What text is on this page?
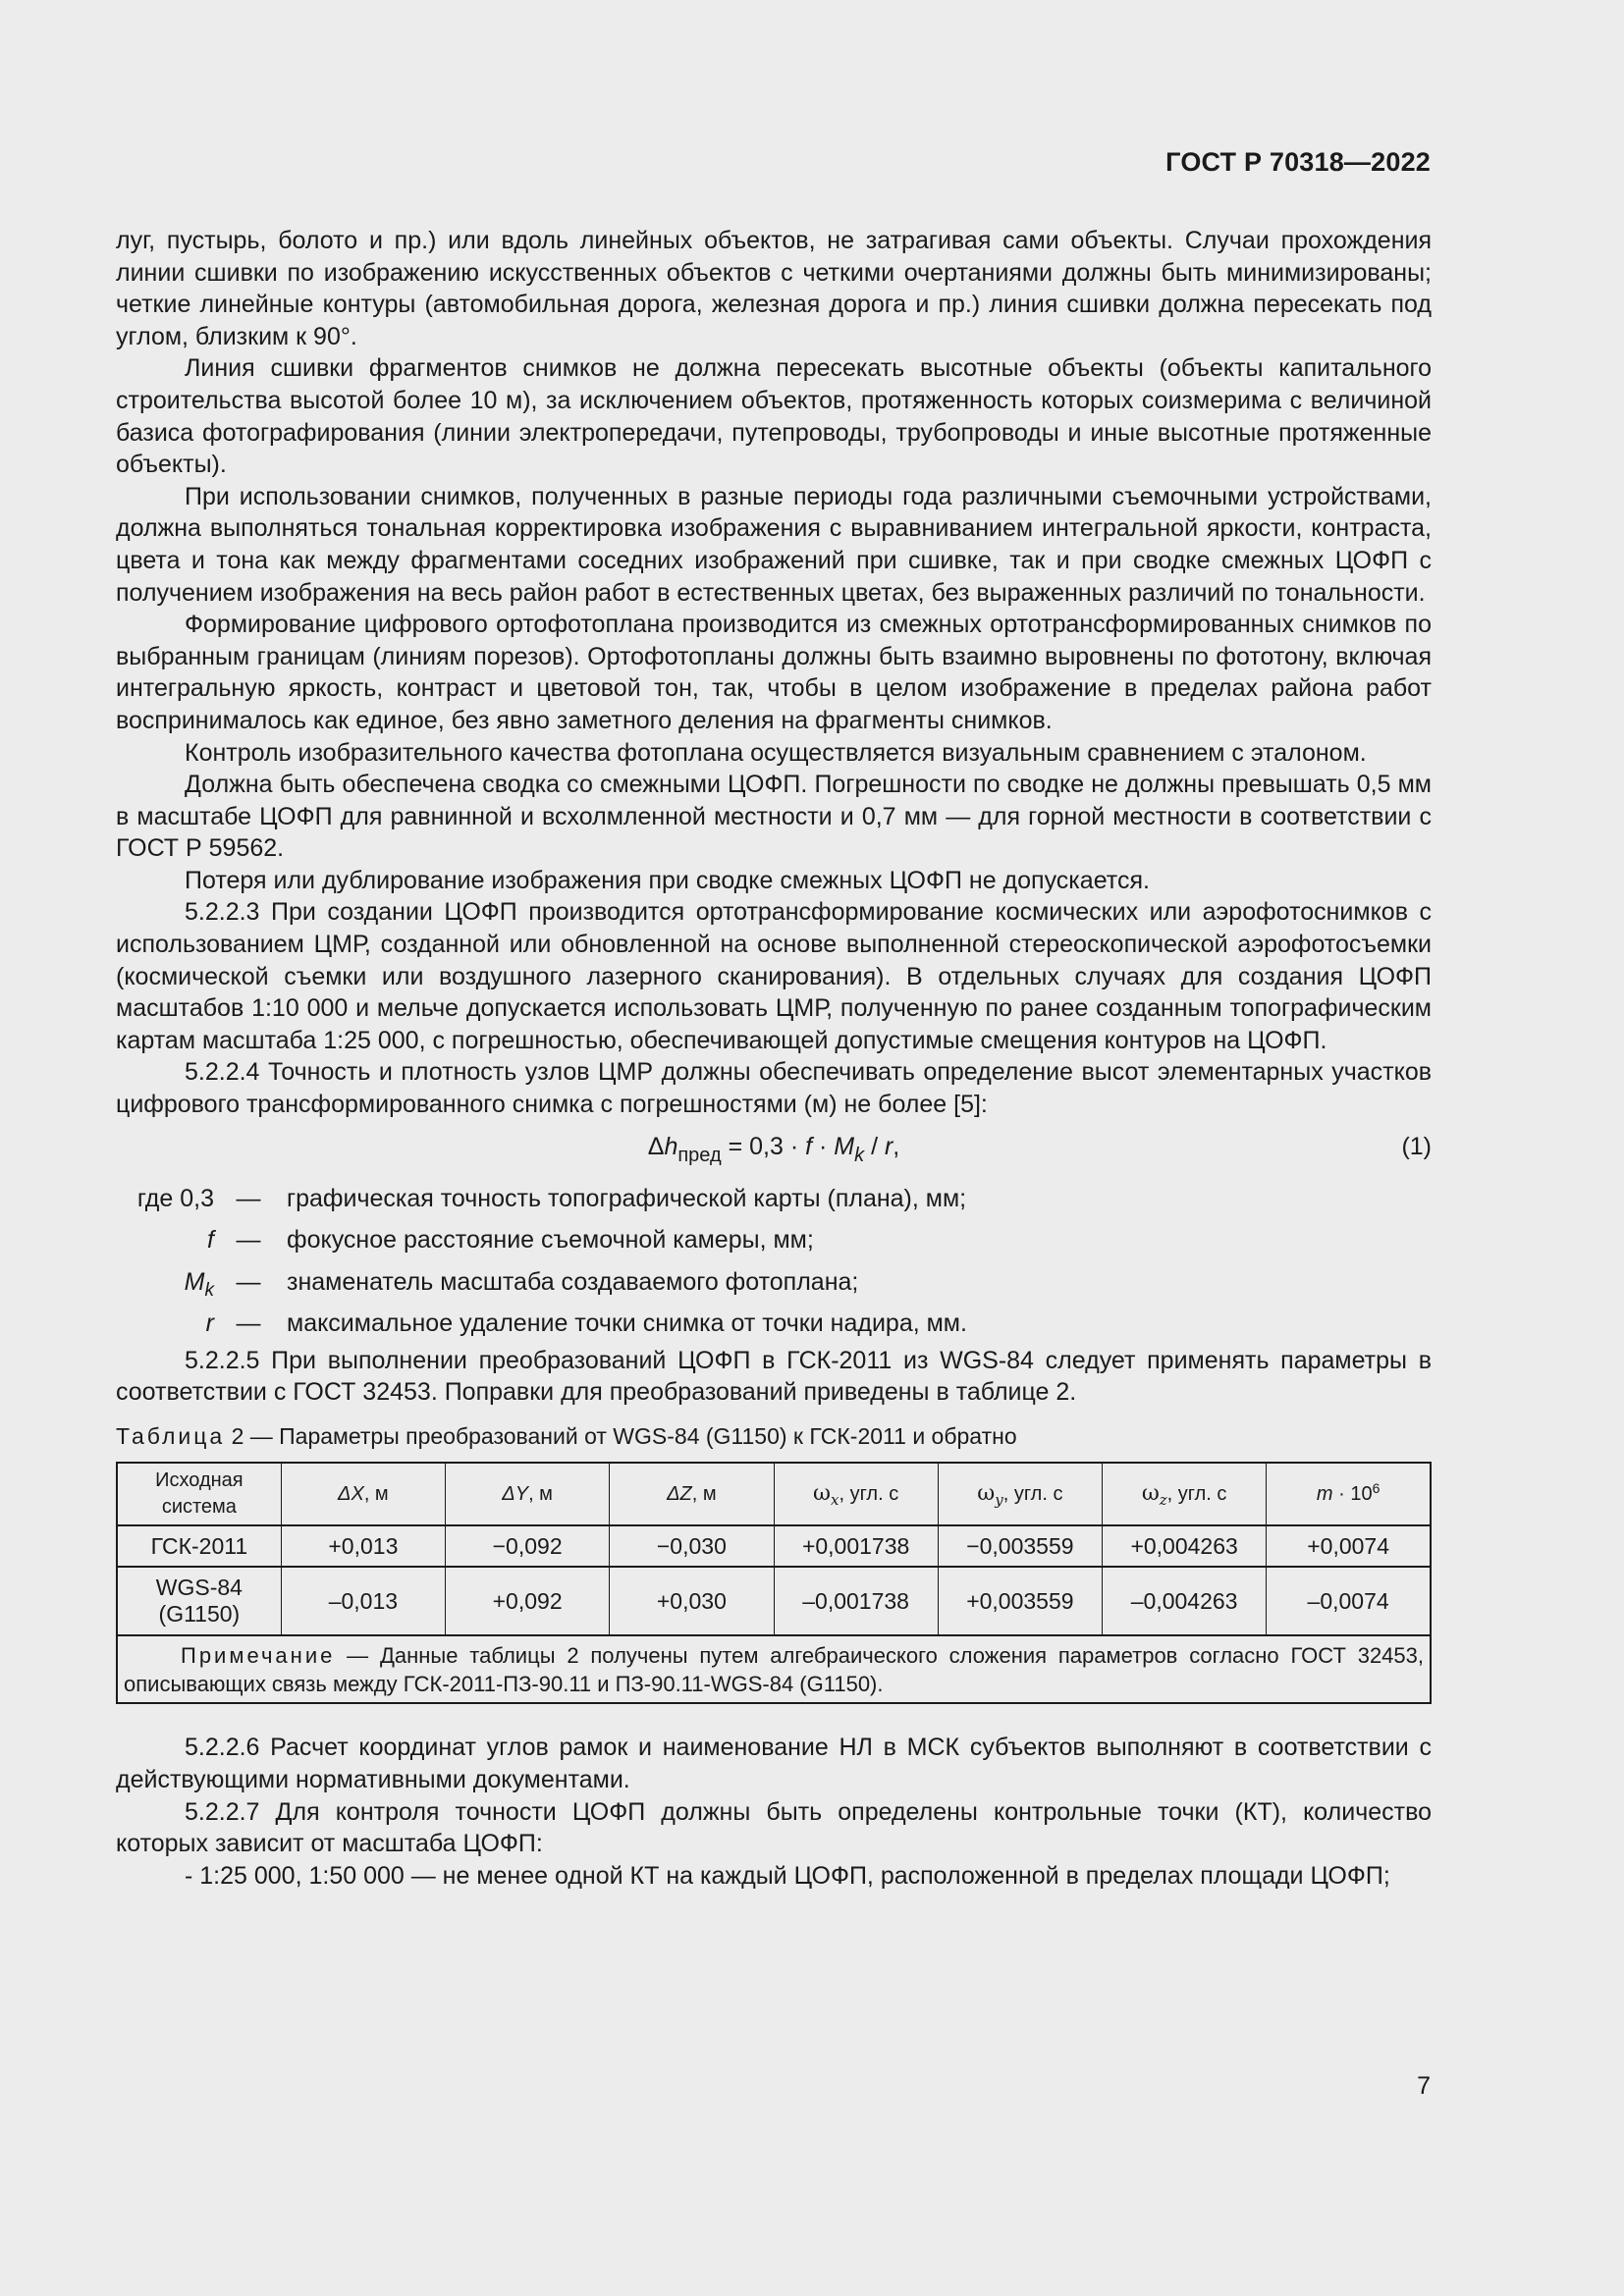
ГОСТ Р 70318—2022

луг, пустырь, болото и пр.) или вдоль линейных объектов, не затрагивая сами объекты. Случаи прохождения линии сшивки по изображению искусственных объектов с четкими очертаниями должны быть минимизированы; четкие линейные контуры (автомобильная дорога, железная дорога и пр.) линия сшивки должна пересекать под углом, близким к 90°.

Линия сшивки фрагментов снимков не должна пересекать высотные объекты (объекты капитального строительства высотой более 10 м), за исключением объектов, протяженность которых соизмерима с величиной базиса фотографирования (линии электропередачи, путепроводы, трубопроводы и иные высотные протяженные объекты).

При использовании снимков, полученных в разные периоды года различными съемочными устройствами, должна выполняться тональная корректировка изображения с выравниванием интегральной яркости, контраста, цвета и тона как между фрагментами соседних изображений при сшивке, так и при сводке смежных ЦОФП с получением изображения на весь район работ в естественных цветах, без выраженных различий по тональности.

Формирование цифрового ортофотоплана производится из смежных ортотрансформированных снимков по выбранным границам (линиям порезов). Ортофотопланы должны быть взаимно выровнены по фототону, включая интегральную яркость, контраст и цветовой тон, так, чтобы в целом изображение в пределах района работ воспринималось как единое, без явно заметного деления на фрагменты снимков.

Контроль изобразительного качества фотоплана осуществляется визуальным сравнением с эталоном.

Должна быть обеспечена сводка со смежными ЦОФП. Погрешности по сводке не должны превышать 0,5 мм в масштабе ЦОФП для равнинной и всхолмленной местности и 0,7 мм — для горной местности в соответствии с ГОСТ Р 59562.

Потеря или дублирование изображения при сводке смежных ЦОФП не допускается.

5.2.2.3 При создании ЦОФП производится ортотрансформирование космических или аэрофотоснимков с использованием ЦМР, созданной или обновленной на основе выполненной стереоскопической аэрофотосъемки (космической съемки или воздушного лазерного сканирования). В отдельных случаях для создания ЦОФП масштабов 1:10 000 и мельче допускается использовать ЦМР, полученную по ранее созданным топографическим картам масштаба 1:25 000, с погрешностью, обеспечивающей допустимые смещения контуров на ЦОФП.

5.2.2.4 Точность и плотность узлов ЦМР должны обеспечивать определение высот элементарных участков цифрового трансформированного снимка с погрешностями (м) не более [5]:

$\Delta h_{пред} = 0,3 \cdot f \cdot M_k / r$,	(1)
где 0,3 —	графическая точность топографической карты (плана), мм;
f —	фокусное расстояние съемочной камеры, мм;
$M_k$ —	знаменатель масштаба создаваемого фотоплана;
r —	максимальное удаление точки снимка от точки надира, мм.

5.2.2.5 При выполнении преобразований ЦОФП в ГСК-2011 из WGS-84 следует применять параметры в соответствии с ГОСТ 32453. Поправки для преобразований приведены в таблице 2.

Таблица 2 — Параметры преобразований от WGS-84 (G1150) к ГСК-2011 и обратно
Исходная
система	ΔX, м	ΔY, м	ΔZ, м	$\omega_x$, угл. с	$\omega_y$, угл. с	$\omega_z$, угл. с	$m \cdot 10^6$
ГСК-2011	+0,013	−0,092	−0,030	+0,001738	−0,003559	+0,004263	+0,0074
WGS-84
(G1150)	–0,013	+0,092	+0,030	–0,001738	+0,003559	–0,004263	–0,0074
Примечание — Данные таблицы 2 получены путем алгебраического сложения параметров согласно ГОСТ 32453, описывающих связь между ГСК-2011-ПЗ-90.11 и ПЗ-90.11-WGS-84 (G1150).							

5.2.2.6 Расчет координат углов рамок и наименование НЛ в МСК субъектов выполняют в соответствии с действующими нормативными документами.

5.2.2.7 Для контроля точности ЦОФП должны быть определены контрольные точки (КТ), количество которых зависит от масштаба ЦОФП:

- 1:25 000, 1:50 000 — не менее одной КТ на каждый ЦОФП, расположенной в пределах площади ЦОФП;

7
